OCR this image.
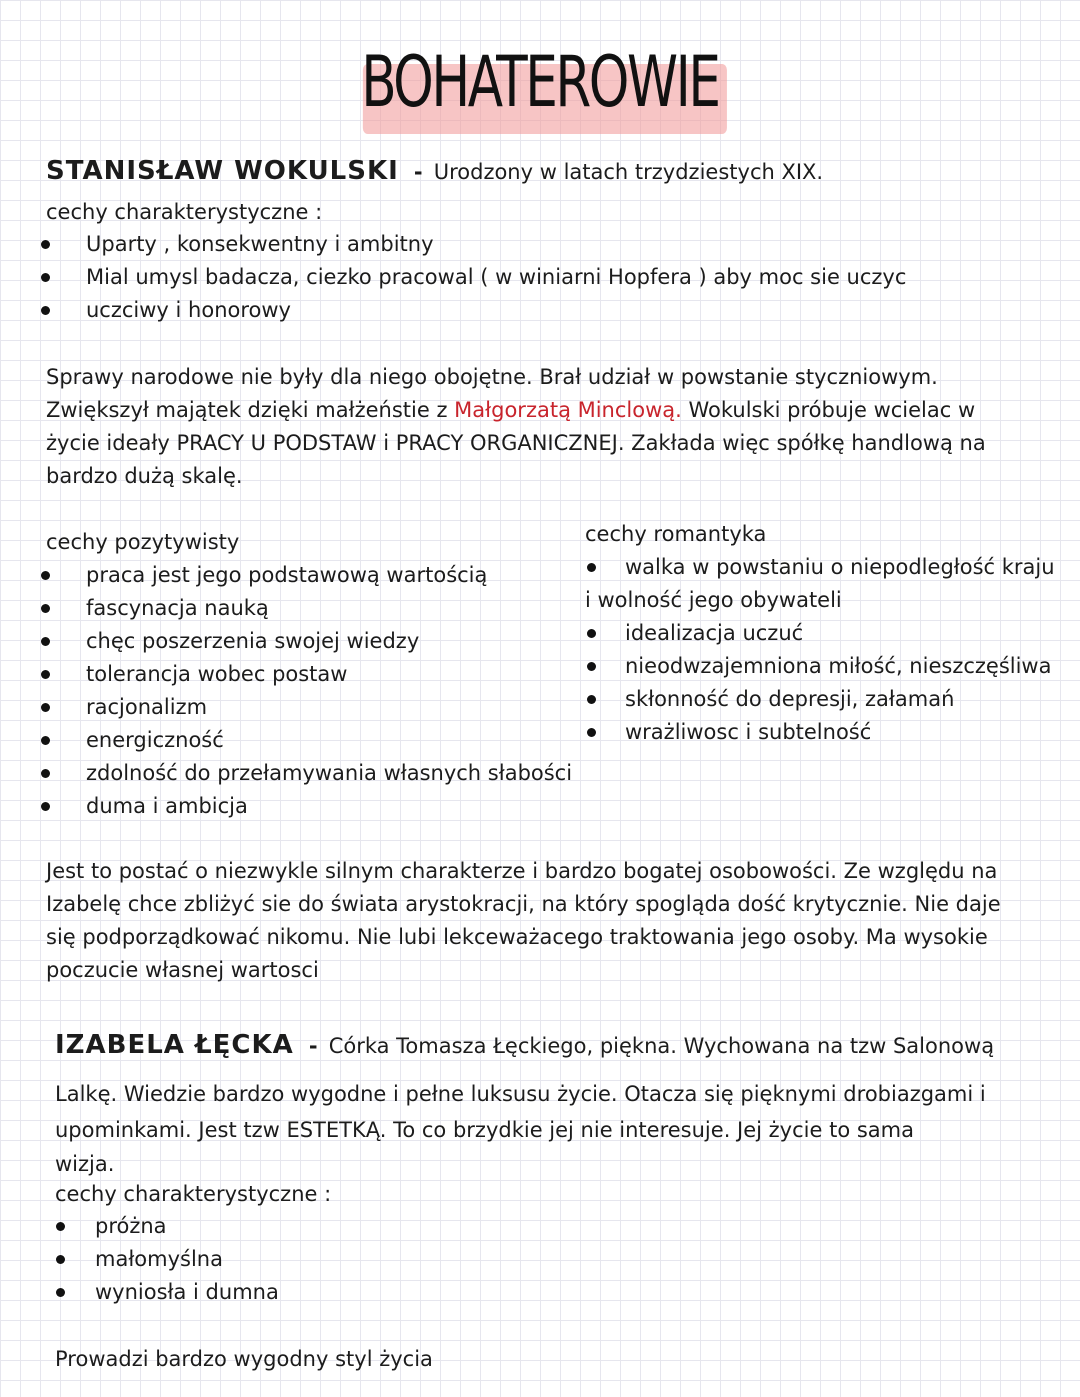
BOHATEROWIE
STANISŁAW WOKULSKI - Urodzony w latach trzydziestych XIX.
cechy charakterystyczne :
Uparty , konsekwentny i ambitny
Mial umysl badacza, ciezko pracowal ( w winiarni Hopfera ) aby moc sie uczyc
uczciwy i honorowy
Sprawy narodowe nie były dla niego obojętne. Brał udział w powstanie styczniowym.
Zwiększył majątek dzięki małżeństie z Małgorzatą Minclową. Wokulski próbuje wcielac w
życie ideały PRACY U PODSTAW i PRACY ORGANICZNEJ. Zakłada więc spółkę handlową na
bardzo dużą skalę.
cechy pozytywisty
praca jest jego podstawową wartością
fascynacja nauką
chęc poszerzenia swojej wiedzy
tolerancja wobec postaw
racjonalizm
energiczność
zdolność do przełamywania własnych słabości
duma i ambicja
cechy romantyka
walka w powstaniu o niepodległość kraju
i wolność jego obywateli
idealizacja uczuć
nieodwzajemniona miłość, nieszczęśliwa
skłonność do depresji, załamań
wrażliwosc i subtelność
Jest to postać o niezwykle silnym charakterze i bardzo bogatej osobowości. Ze względu na
Izabelę chce zbliżyć sie do świata arystokracji, na który spogląda dość krytycznie. Nie daje
się podporządkować nikomu. Nie lubi lekceważacego traktowania jego osoby. Ma wysokie
poczucie własnej wartosci
IZABELA ŁĘCKA - Córka Tomasza Łęckiego, piękna. Wychowana na tzw Salonową
Lalkę. Wiedzie bardzo wygodne i pełne luksusu życie. Otacza się pięknymi drobiazgami i
upominkami. Jest tzw ESTETKĄ. To co brzydkie jej nie interesuje. Jej życie to sama
wizja.
cechy charakterystyczne :
próżna
małomyślna
wyniosła i dumna
Prowadzi bardzo wygodny styl życia
